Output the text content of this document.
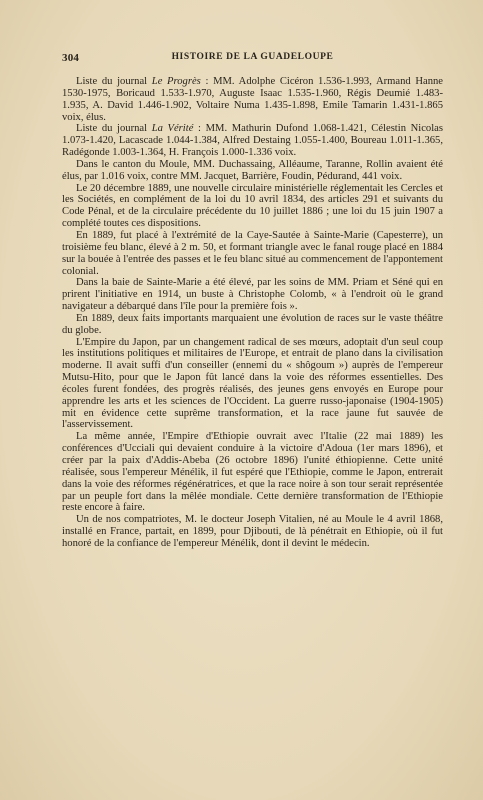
304	HISTOIRE DE LA GUADELOUPE

Liste du journal Le Progrès : MM. Adolphe Cicéron 1.536-1.993, Armand Hanne 1530-1975, Boricaud 1.533-1.970, Auguste Isaac 1.535-1.960, Régis Deumié 1.483-1.935, A. David 1.446-1.902, Voltaire Numa 1.435-1.898, Emile Tamarin 1.431-1.865 voix, élus.

Liste du journal La Vérité : MM. Mathurin Dufond 1.068-1.421, Célestin Nicolas 1.073-1.420, Lacascade 1.044-1.384, Alfred Destaing 1.055-1.400, Boureau 1.011-1.365, Radégonde 1.003-1.364, H. François 1.000-1.336 voix.

Dans le canton du Moule, MM. Duchassaing, Alléaume, Taranne, Rollin avaient été élus, par 1.016 voix, contre MM. Jacquet, Barrière, Foudin, Pédurand, 441 voix.

Le 20 décembre 1889, une nouvelle circulaire ministérielle réglementait les Cercles et les Sociétés, en complément de la loi du 10 avril 1834, des articles 291 et suivants du Code Pénal, et de la circulaire précédente du 10 juillet 1886 ; une loi du 15 juin 1907 a complété toutes ces dispositions.

En 1889, fut placé à l'extrémité de la Caye-Sautée à Sainte-Marie (Capesterre), un troisième feu blanc, élevé à 2 m. 50, et formant triangle avec le fanal rouge placé en 1884 sur la bouée à l'entrée des passes et le feu blanc situé au commencement de l'appontement colonial.

Dans la baie de Sainte-Marie a été élevé, par les soins de MM. Priam et Séné qui en prirent l'initiative en 1914, un buste à Christophe Colomb, « à l'endroit où le grand navigateur a débarqué dans l'île pour la première fois ».

En 1889, deux faits importants marquaient une évolution de races sur le vaste théâtre du globe.

L'Empire du Japon, par un changement radical de ses mœurs, adoptait d'un seul coup les institutions politiques et militaires de l'Europe, et entrait de plano dans la civilisation moderne. Il avait suffi d'un conseiller (ennemi du « shôgoum ») auprès de l'empereur Mutsu-Hito, pour que le Japon fût lancé dans la voie des réformes essentielles. Des écoles furent fondées, des progrès réalisés, des jeunes gens envoyés en Europe pour apprendre les arts et les sciences de l'Occident. La guerre russo-japonaise (1904-1905) mit en évidence cette suprême transformation, et la race jaune fut sauvée de l'asservissement.

La même année, l'Empire d'Ethiopie ouvrait avec l'Italie (22 mai 1889) les conférences d'Ucciali qui devaient conduire à la victoire d'Adoua (1er mars 1896), et créer par la paix d'Addis-Abeba (26 octobre 1896) l'unité éthiopienne. Cette unité réalisée, sous l'empereur Ménélik, il fut espéré que l'Ethiopie, comme le Japon, entrerait dans la voie des réformes régénératrices, et que la race noire à son tour serait représentée par un peuple fort dans la mêlée mondiale. Cette dernière transformation de l'Ethiopie reste encore à faire.

Un de nos compatriotes, M. le docteur Joseph Vitalien, né au Moule le 4 avril 1868, installé en France, partait, en 1899, pour Djibouti, de là pénétrait en Ethiopie, où il fut honoré de la confiance de l'empereur Ménélik, dont il devint le médecin.
